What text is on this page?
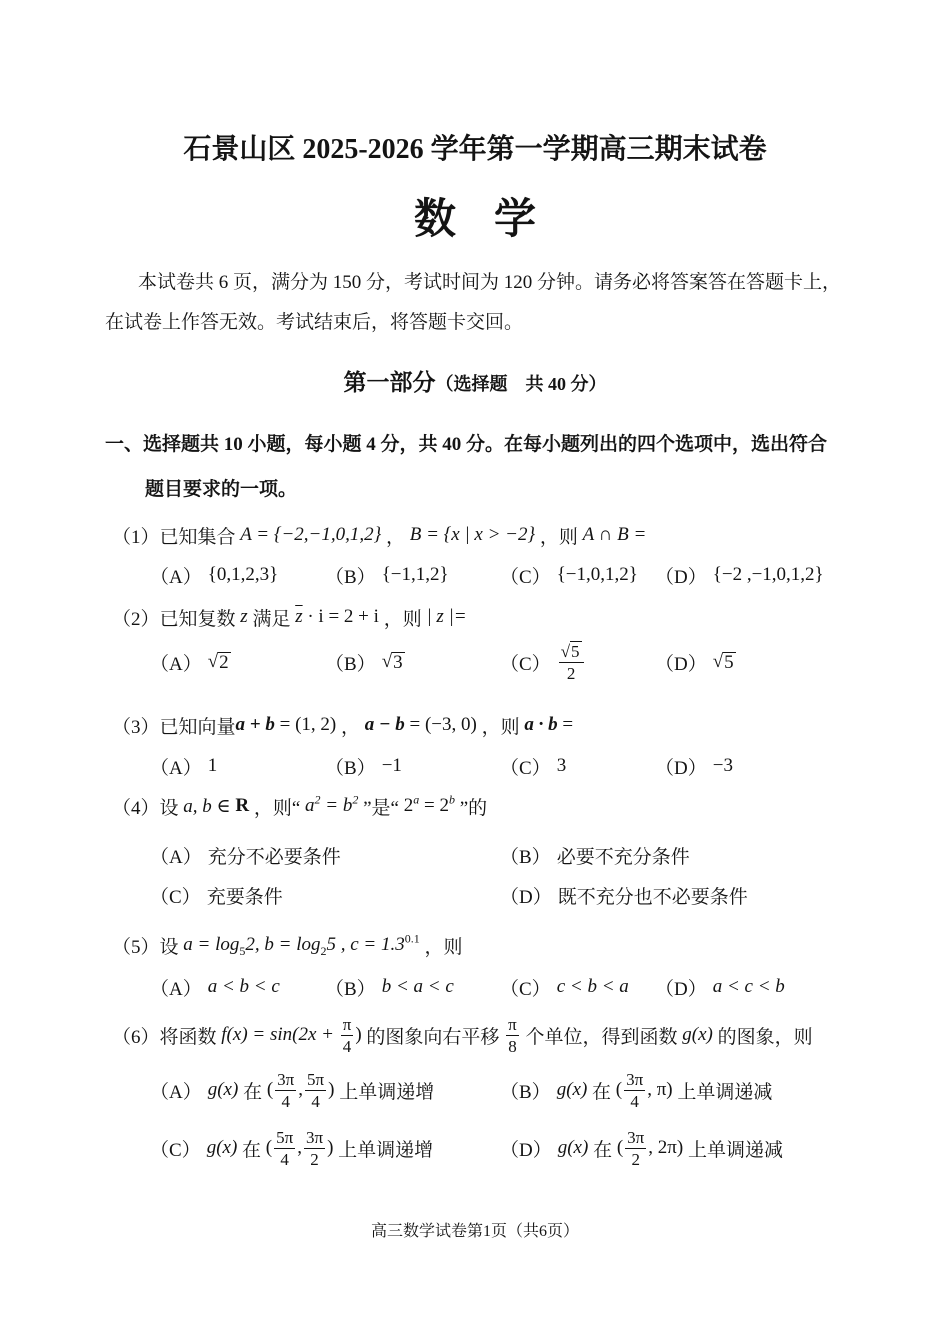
石景山区 2025-2026 学年第一学期高三期末试卷
数学
本试卷共 6 页，满分为 150 分，考试时间为 120 分钟。请务必将答案答在答题卡上，
在试卷上作答无效。考试结束后，将答题卡交回。
第一部分（选择题　共 40 分）
一、选择题共 10 小题，每小题 4 分，共 40 分。在每小题列出的四个选项中，选出符合
题目要求的一项。
（1） 已知集合 A = {−2,−1,0,1,2} ， B = {x | x > −2} ，则 A ∩ B =
（A） {0,1,2,3} （B） {−1,1,2}	（C） {−1,0,1,2} （D） {−2 ,−1,0,1,2}
（2） 已知复数 z 满足 $\overline{z} \cdot i = 2 + i$ ，则 | z |=
（A） √ 2	（B） √ 3	$(C) \frac{√ 5}{2}$	（D） √ 5
（3） 已知向量 a + b = (1, 2) ， a − b = (−3, 0) ，则 a · b =
（A） 1	（B） −1	（C） 3	（D） −3
（4） 设 a, b ∈ R ，则“ $a^2 = b^2$ ”是“ $2^a = 2^b$ ”的
（A） 充分不必要条件	（B） 必要不充分条件
（C） 充要条件	（D） 既不充分也不必要条件
（5） 设 $a = \log_52$, $b = \log_25$ , $c = 1.3^{0.1}$ ，则
（A） a < b < c （B） b < a < c （C） c < b < a （D） a < c < b
（6） 将函数 $f(x) = \sin(2x + \frac{\pi}{4}$ ) 的图象向右平移 $\frac{\pi}{8}$ 个单位，得到函数 g(x) 的图象，则
（A） g(x) 在 ( $\frac{3\pi}{4}$ , $\frac{5\pi}{4}$ ) 上单调递增	（B） g(x) 在 ( $\frac{3\pi}{4}$ , π) 上单调递减
（C） g(x) 在 ( $\frac{5\pi}{4}$ , $\frac{3\pi}{2}$ ) 上单调递增	（D） g(x) 在 ( $\frac{3\pi}{2}$ , 2π) 上单调递减
高三数学试卷第1页（共6页）
